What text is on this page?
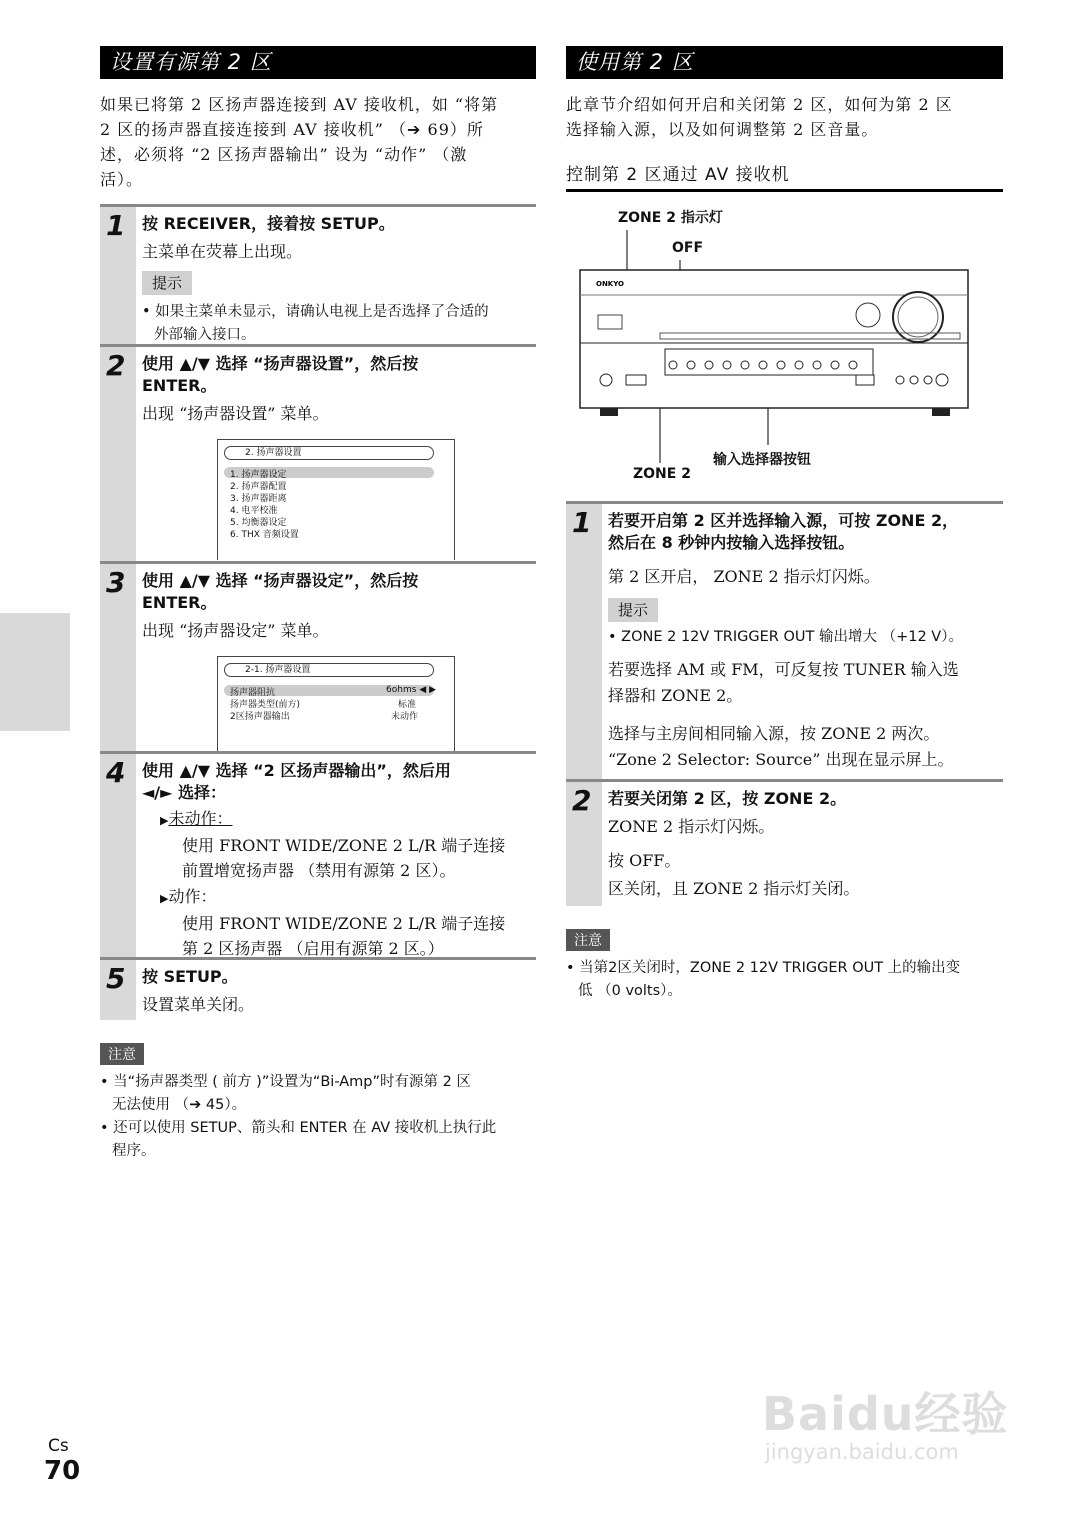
设置有源第 2 区
如果已将第 2 区扬声器连接到 AV 接收机，如 “将第
2 区的扬声器直接连接到 AV 接收机” （➔ 69）所
述，必须将 “2 区扬声器输出” 设为 “动作” （激
活）。
1 按 RECEIVER，接着按 SETUP。
主菜单在荧幕上出现。
提示
• 如果主菜单未显示，请确认电视上是否选择了合适的
外部输入接口。
2 使用 ▲/▼ 选择 “扬声器设置”，然后按
ENTER。
出现 “扬声器设置” 菜单。
2. 扬声器设置
1. 扬声器设定
2. 扬声器配置
3. 扬声器距离
4. 电平校准
5. 均衡器设定
6. THX 音频设置
3 使用 ▲/▼ 选择 “扬声器设定”，然后按
ENTER。
出现 “扬声器设定” 菜单。
2-1. 扬声器设置
扬声器阻抗	6ohms ◀ ▶
扬声器类型(前方)	标准
2区扬声器输出	未动作
4 使用 ▲/▼ 选择 “2 区扬声器输出”，然后用
◄/► 选择：
▶未动作：
使用 FRONT WIDE/ZONE 2 L/R 端子连接
前置增宽扬声器 （禁用有源第 2 区）。
▶动作：
使用 FRONT WIDE/ZONE 2 L/R 端子连接
第 2 区扬声器 （启用有源第 2 区。）
5 按 SETUP。
设置菜单关闭。
注意
• 当“扬声器类型 ( 前方 )”设置为“Bi-Amp”时有源第 2 区
无法使用 （➔ 45）。
• 还可以使用 SETUP、箭头和 ENTER 在 AV 接收机上执行此
程序。
使用第 2 区
此章节介绍如何开启和关闭第 2 区，如何为第 2 区
选择输入源，以及如何调整第 2 区音量。
控制第 2 区通过 AV 接收机
ZONE 2 指示灯
OFF
ZONE 2
输入选择器按钮
ONKYO
1 若要开启第 2 区并选择输入源，可按 ZONE 2，
然后在 8 秒钟内按输入选择按钮。
第 2 区开启， ZONE 2 指示灯闪烁。
提示
• ZONE 2 12V TRIGGER OUT 输出增大 （+12 V）。
若要选择 AM 或 FM，可反复按 TUNER 输入选
择器和 ZONE 2。
选择与主房间相同输入源，按 ZONE 2 两次。
“Zone 2 Selector: Source” 出现在显示屏上。
2 若要关闭第 2 区，按 ZONE 2。
ZONE 2 指示灯闪烁。
按 OFF。
区关闭，且 ZONE 2 指示灯关闭。
注意
• 当第2区关闭时，ZONE 2 12V TRIGGER OUT 上的输出变
低 （0 volts）。
Cs
70
Baidu经验
jingyan.baidu.com
